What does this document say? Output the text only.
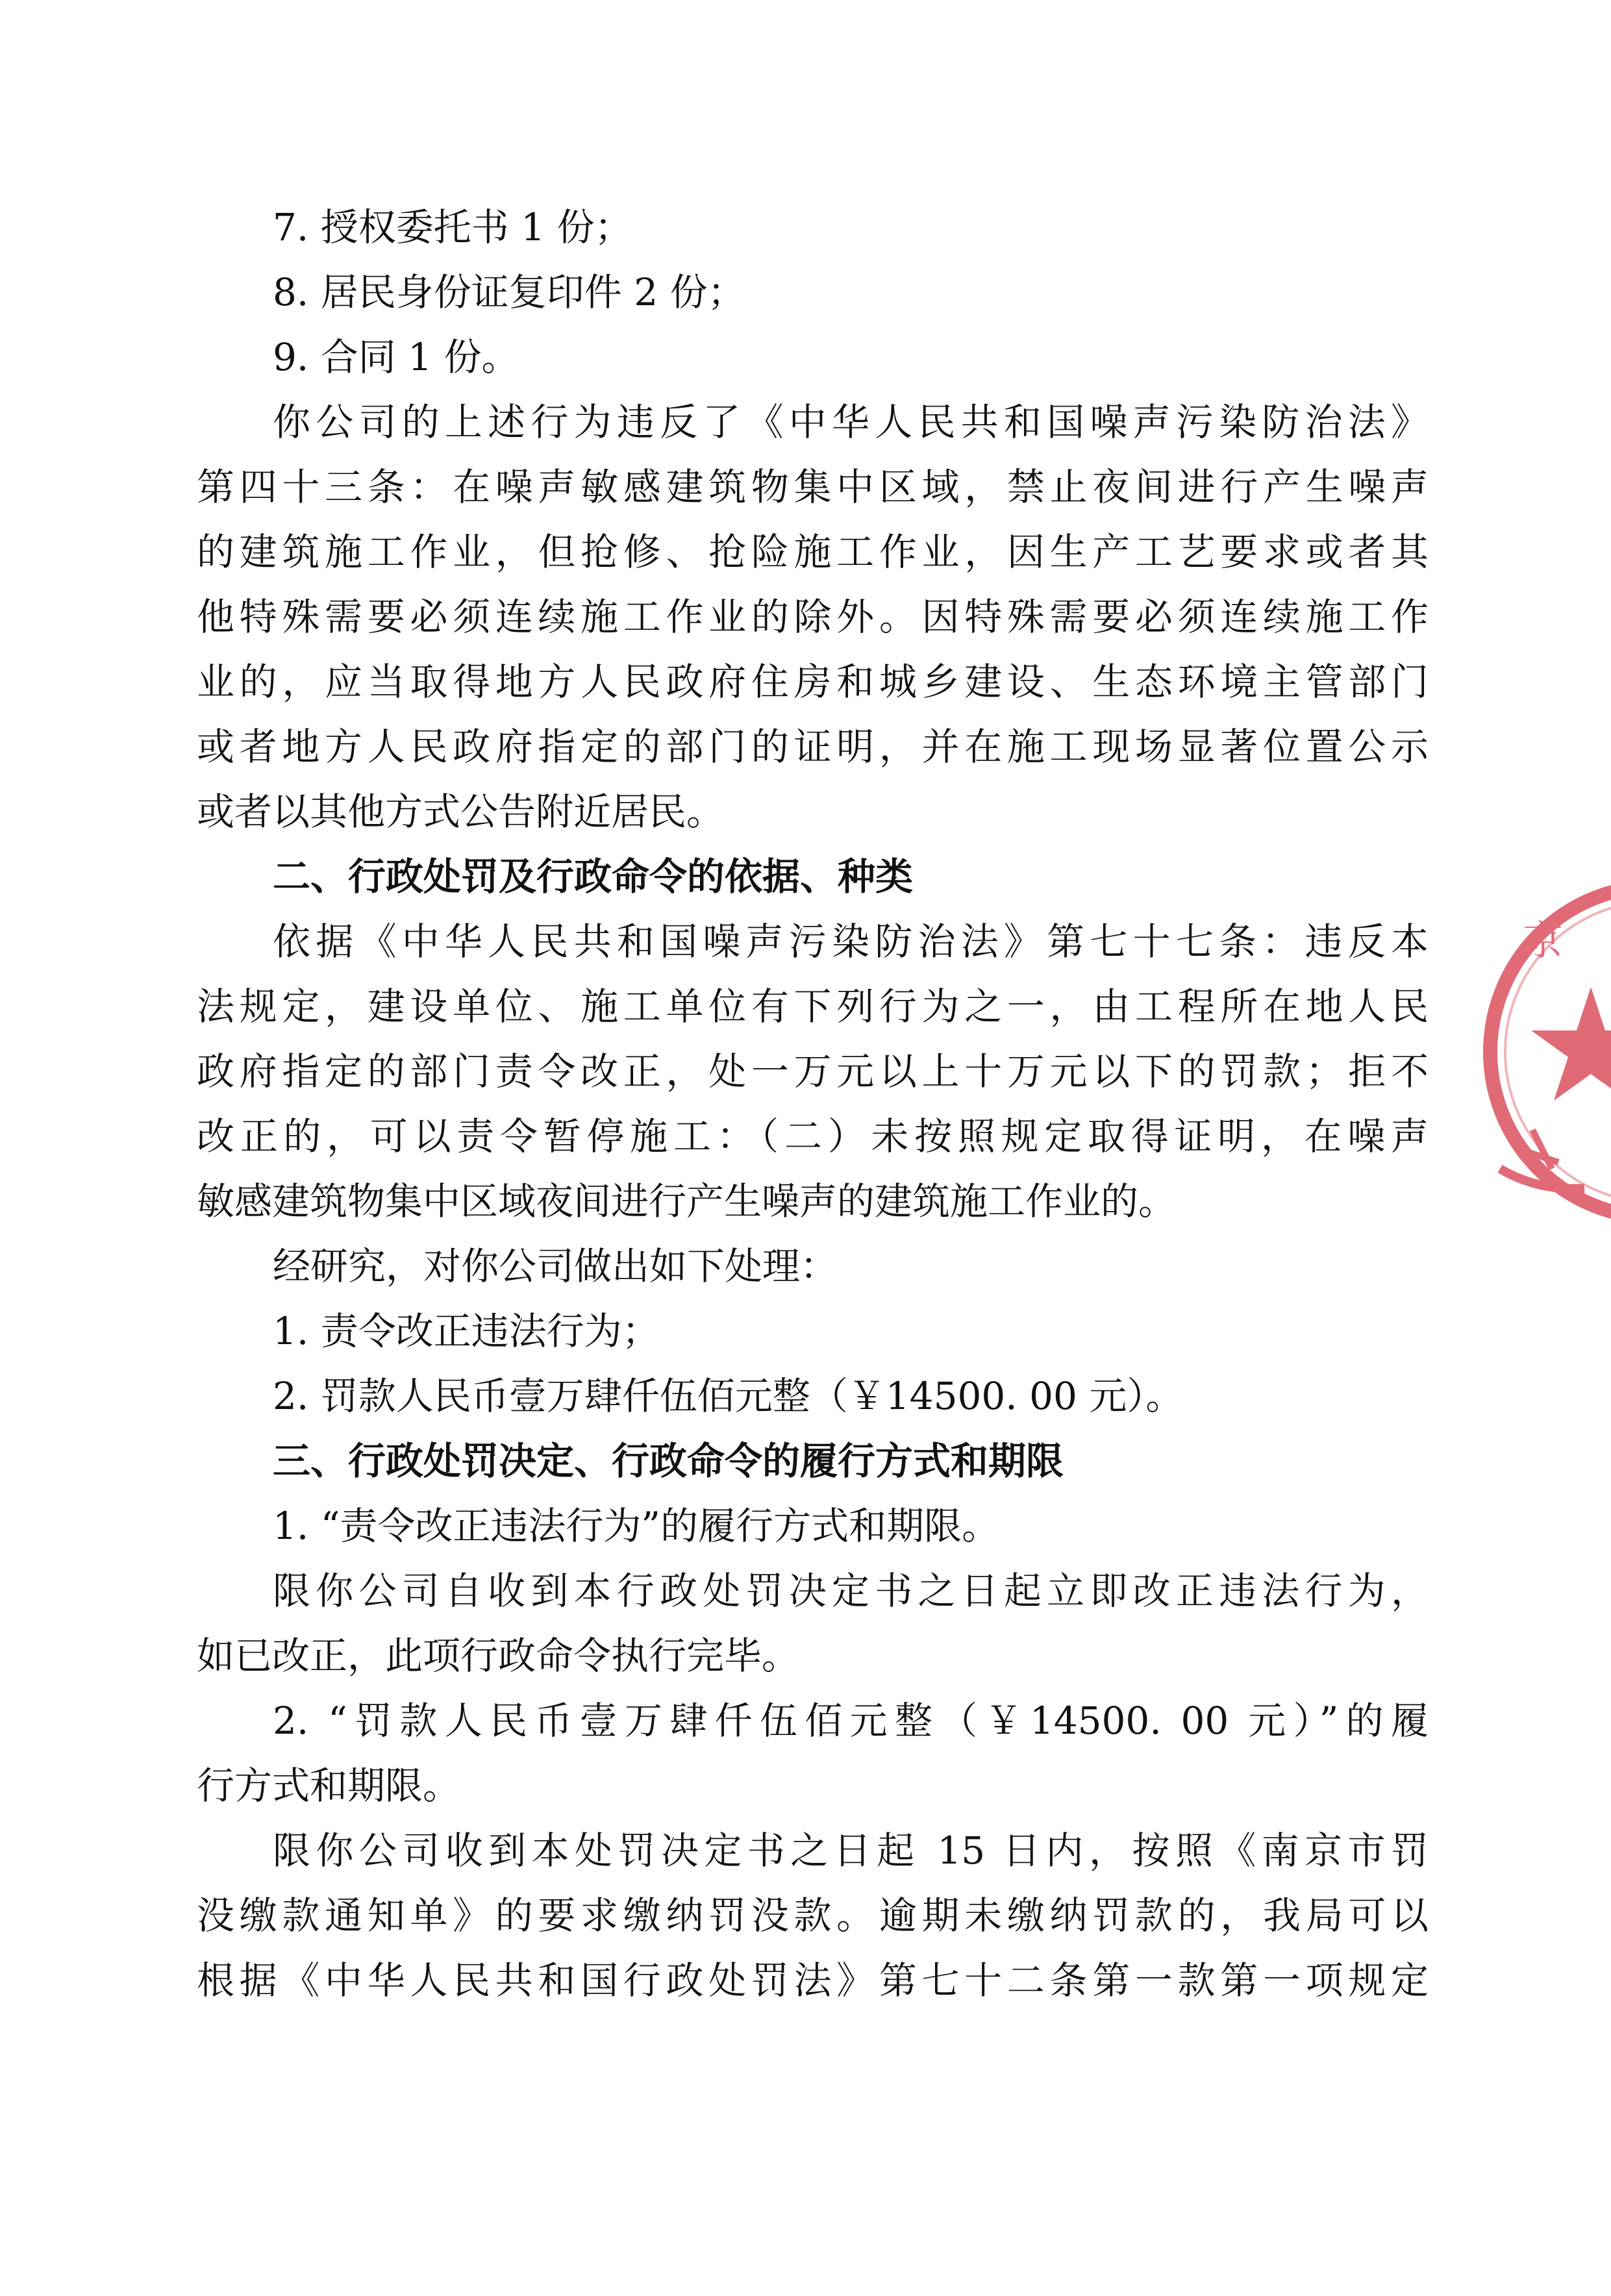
7. 授权委托书 1 份；
8. 居民身份证复印件 2 份；
9. 合同 1 份。
你公司的上述行为违反了《中华人民共和国噪声污染防治法》
第四十三条：在噪声敏感建筑物集中区域，禁止夜间进行产生噪声
的建筑施工作业，但抢修、抢险施工作业，因生产工艺要求或者其
他特殊需要必须连续施工作业的除外。因特殊需要必须连续施工作
业的，应当取得地方人民政府住房和城乡建设、生态环境主管部门
或者地方人民政府指定的部门的证明，并在施工现场显著位置公示
或者以其他方式公告附近居民。
二、行政处罚及行政命令的依据、种类
依据《中华人民共和国噪声污染防治法》第七十七条：违反本
法规定，建设单位、施工单位有下列行为之一，由工程所在地人民
政府指定的部门责令改正，处一万元以上十万元以下的罚款；拒不
改正的，可以责令暂停施工：（二）未按照规定取得证明，在噪声
敏感建筑物集中区域夜间进行产生噪声的建筑施工作业的。
经研究，对你公司做出如下处理：
1. 责令改正违法行为；
2. 罚款人民币壹万肆仟伍佰元整（￥14500. 00 元）。
三、行政处罚决定、行政命令的履行方式和期限
1. “责令改正违法行为”的履行方式和期限。
限你公司自收到本行政处罚决定书之日起立即改正违法行为，
如已改正，此项行政命令执行完毕。
2. “罚款人民币壹万肆仟伍佰元整（￥14500. 00 元）”的履
行方式和期限。
限你公司收到本处罚决定书之日起 15 日内，按照《南京市罚
没缴款通知单》的要求缴纳罚没款。逾期未缴纳罚款的，我局可以
根据《中华人民共和国行政处罚法》第七十二条第一款第一项规定
京
